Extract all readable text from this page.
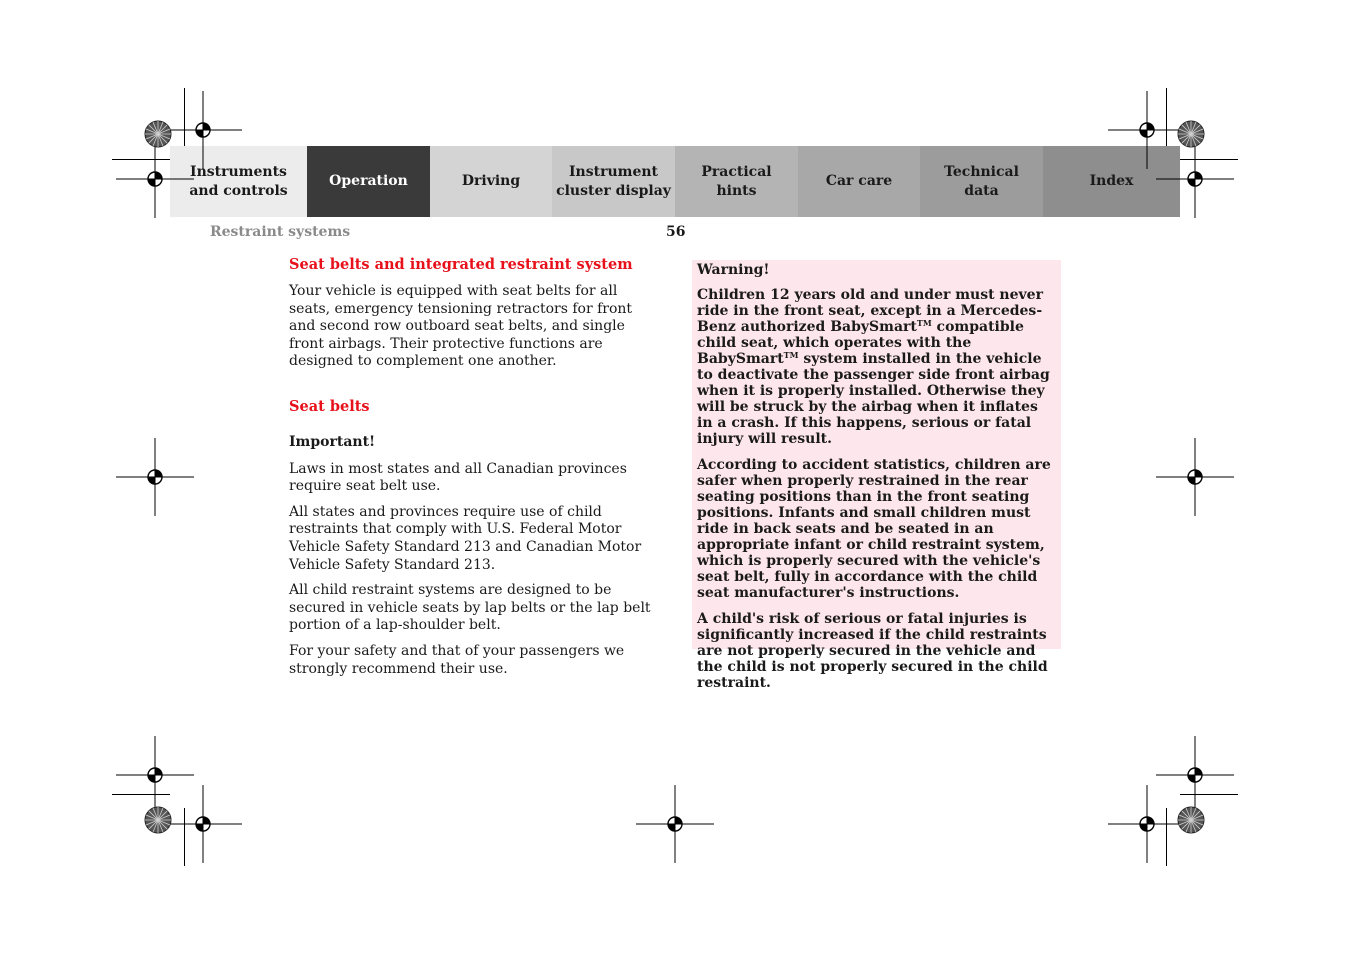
Instruments
and controls
Operation	Driving
Instrument
cluster display
Practical hints
Car care
Technical
data
Index
Restraint systems	56

Seat belts and integrated restraint system

Your vehicle is equipped with seat belts for all seats, emergency tensioning retractors for front and second row outboard seat belts, and single front airbags. Their protective functions are designed to complement one another.

Seat belts

Important!

Laws in most states and all Canadian provinces require seat belt use.

All states and provinces require use of child restraints that comply with U.S. Federal Motor Vehicle Safety Standard 213 and Canadian Motor Vehicle Safety Standard 213.

All child restraint systems are designed to be secured in vehicle seats by lap belts or the lap belt portion of a lap-shoulder belt.

For your safety and that of your passengers we strongly recommend their use.

Warning!

Children 12 years old and under must never ride in the front seat, except in a Mercedes-Benz authorized BabySmart™ compatible child seat, which operates with the BabySmart™ system installed in the vehicle to deactivate the passenger side front airbag when it is properly installed. Otherwise they will be struck by the airbag when it inflates in a crash. If this happens, serious or fatal injury will result.

According to accident statistics, children are safer when properly restrained in the rear seating positions than in the front seating positions. Infants and small children must ride in back seats and be seated in an appropriate infant or child restraint system, which is properly secured with the vehicle's seat belt, fully in accordance with the child seat manufacturer's instructions.

A child's risk of serious or fatal injuries is significantly increased if the child restraints are not properly secured in the vehicle and the child is not properly secured in the child restraint.
